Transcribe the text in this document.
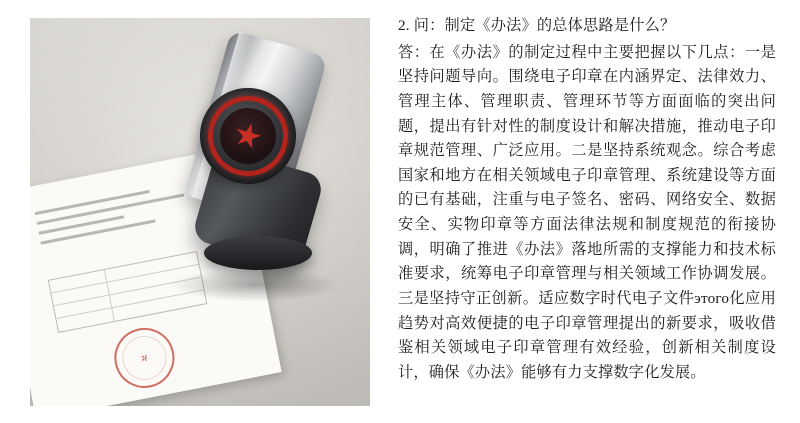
2. 问：制定《办法》的总体思路是什么？

答：在《办法》的制定过程中主要把握以下几点：一是坚持问题导向。围绕电子印章在内涵界定、法律效力、管理主体、管理职责、管理环节等方面面临的突出问题，提出有针对性的制度设计和解决措施，推动电子印章规范管理、广泛应用。二是坚持系统观念。综合考虑国家和地方在相关领域电子印章管理、系统建设等方面的已有基础，注重与电子签名、密码、网络安全、数据安全、实物印章等方面法律法规和制度规范的衔接协调，明确了推进《办法》落地所需的支撑能力和技术标准要求，统筹电子印章管理与相关领域工作协调发展。三是坚持守正创新。适应数字时代电子文件этого化应用趋势对高效便捷的电子印章管理提出的新要求，吸收借鉴相关领域电子印章管理有效经验，创新相关制度设计，确保《办法》能够有力支撑数字化发展。
